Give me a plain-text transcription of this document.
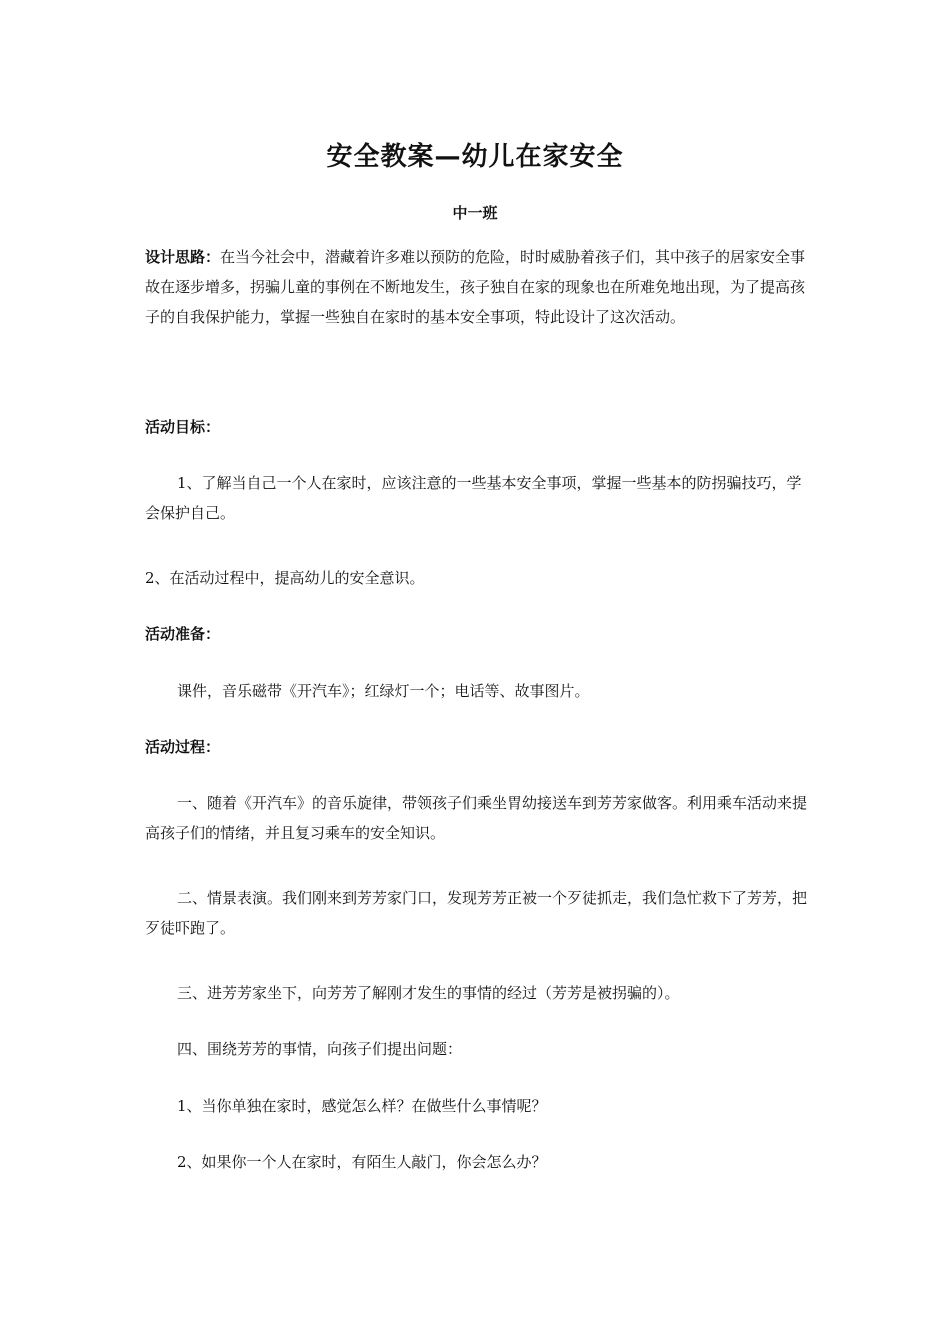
安全教案—幼儿在家安全
中一班
设计思路：在当今社会中，潜藏着许多难以预防的危险，时时威胁着孩子们，其中孩子的居家安全事故在逐步增多，拐骗儿童的事例在不断地发生，孩子独自在家的现象也在所难免地出现，为了提高孩子的自我保护能力，掌握一些独自在家时的基本安全事项，特此设计了这次活动。
活动目标：
1、了解当自己一个人在家时，应该注意的一些基本安全事项，掌握一些基本的防拐骗技巧，学会保护自己。
2、在活动过程中，提高幼儿的安全意识。
活动准备：
课件，音乐磁带《开汽车》；红绿灯一个；电话等、故事图片。
活动过程：
一、随着《开汽车》的音乐旋律，带领孩子们乘坐胃幼接送车到芳芳家做客。利用乘车活动来提高孩子们的情绪，并且复习乘车的安全知识。
二、情景表演。我们刚来到芳芳家门口，发现芳芳正被一个歹徒抓走，我们急忙救下了芳芳，把歹徒吓跑了。
三、进芳芳家坐下，向芳芳了解刚才发生的事情的经过（芳芳是被拐骗的）。
四、围绕芳芳的事情，向孩子们提出问题：
1、当你单独在家时，感觉怎么样？在做些什么事情呢？
2、如果你一个人在家时，有陌生人敲门，你会怎么办？
